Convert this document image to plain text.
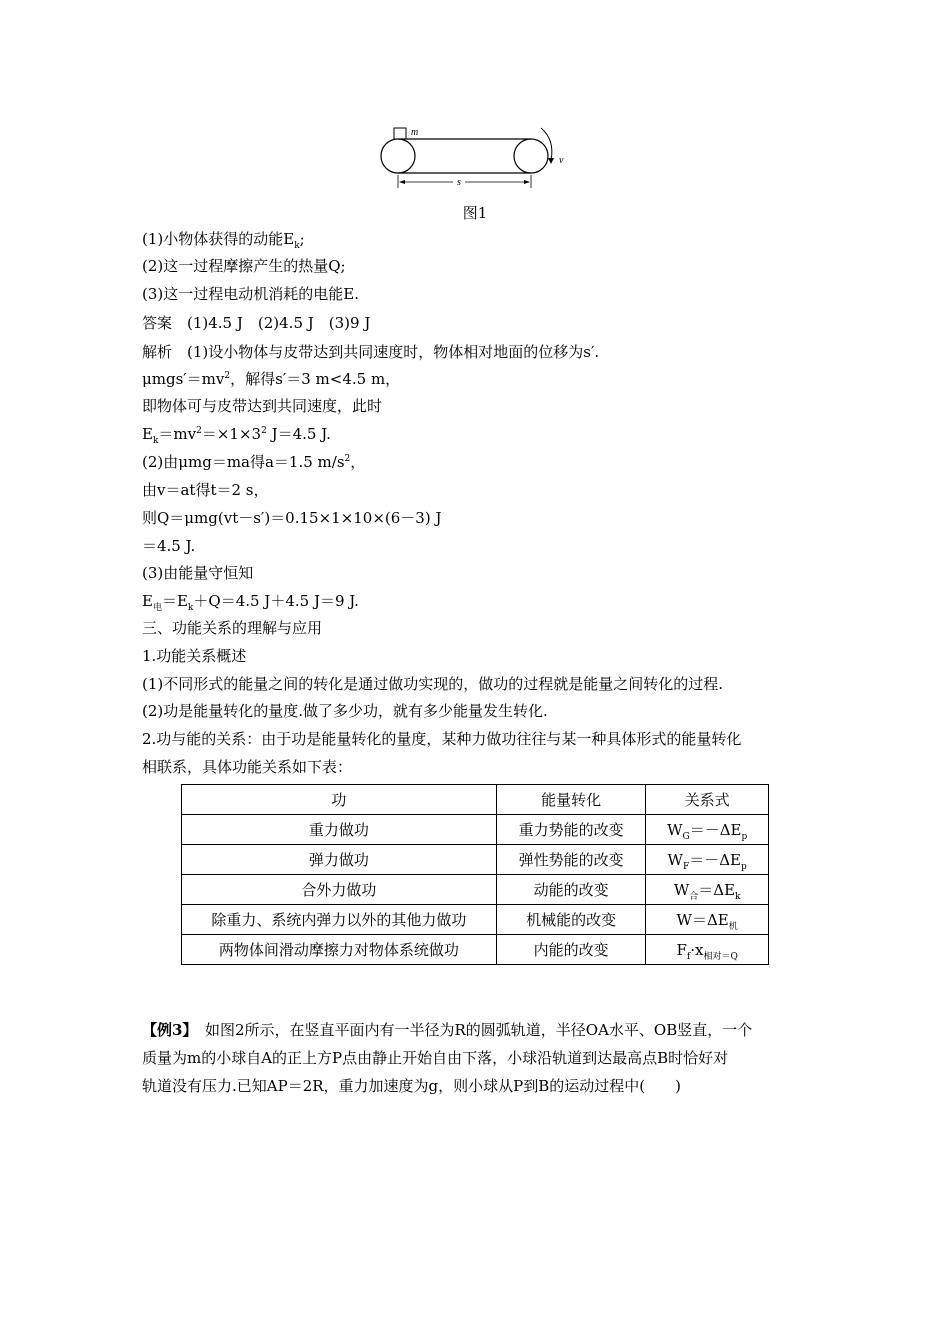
m
v
s
图1
(1)小物体获得的动能$E_k$;
(2)这一过程摩擦产生的热量Q;
(3)这一过程电动机消耗的电能E.
答案　(1)4.5 J　(2)4.5 J　(3)9 J
解析　(1)设小物体与皮带达到共同速度时，物体相对地面的位移为s′.
$\mu mgs'=mv^2$，解得s′＝3 m<4.5 m，
即物体可与皮带达到共同速度，此时
$E_k=mv^2=\times 1\times 3^2$ J＝4.5 J.
(2)由μmg＝ma得a＝1.5 $m/s^2$，
由v＝at得t＝2 s，
则Q＝μmg(vt－s′)＝0.15×1×10×(6－3) J
＝4.5 J.
(3)由能量守恒知
$E_电=E_k+Q=4.5$ J＋4.5 J＝9 J.
三、功能关系的理解与应用
1.功能关系概述
(1)不同形式的能量之间的转化是通过做功实现的，做功的过程就是能量之间转化的过程.
(2)功是能量转化的量度.做了多少功，就有多少能量发生转化.
2.功与能的关系：由于功是能量转化的量度，某种力做功往往与某一种具体形式的能量转化
相联系，具体功能关系如下表：
功	能量转化	关系式
重力做功	重力势能的改变	$W_G=-\Delta E_p$
弹力做功	弹性势能的改变	$W_F=-\Delta E_p$
合外力做功	动能的改变	$W_合=\Delta E_k$
除重力、系统内弹力以外的其他力做功	机械能的改变	$W=\Delta E_机$
两物体间滑动摩擦力对物体系统做功	内能的改变	$F_f\cdot x_{相对=Q}$
【例3】　如图2所示，在竖直平面内有一半径为R的圆弧轨道，半径OA水平、OB竖直，一个
质量为m的小球自A的正上方P点由静止开始自由下落，小球沿轨道到达最高点B时恰好对
轨道没有压力.已知AP＝2R，重力加速度为g，则小球从P到B的运动过程中(　　)
